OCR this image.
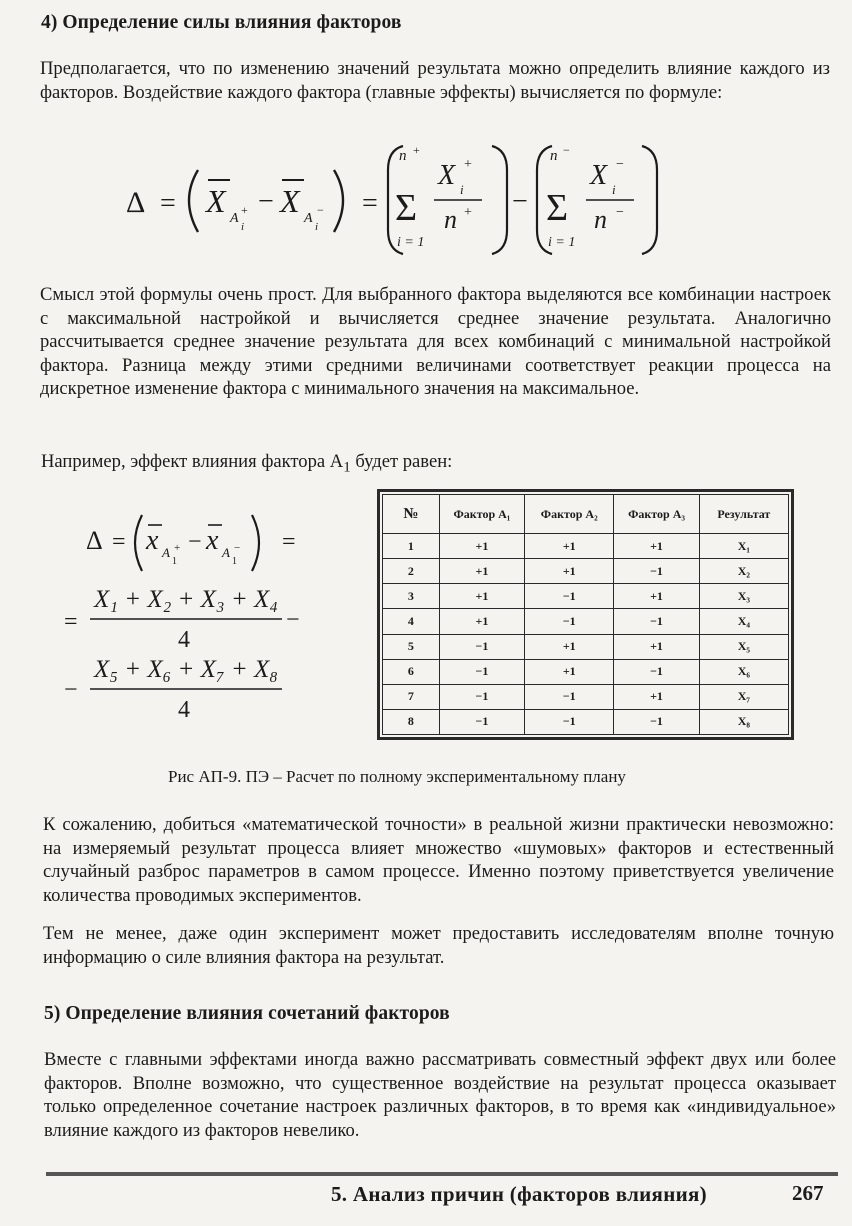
4) Определение силы влияния факторов

Предполагается, что по изменению значений результата можно определить влияние каждого из факторов. Воздействие каждого фактора (главные эффекты) вычисляется по формуле:

Δ = X A
i
+ − X A
i
− =
n +
Σ
i = 1
X i
+
n + −
n −
Σ
i = 1
X i
−
n −

Смысл этой формулы очень прост. Для выбранного фактора выделяются все комбинации настроек с максимальной настройкой и вычисляется среднее значение результата. Аналогично рассчитывается среднее значение результата для всех комбинаций с минимальной настройкой фактора. Разница между этими средними величинами соответствует реакции процесса на дискретное изменение фактора с минимального значения на максимальное.

Например, эффект влияния фактора $A_1$ будет равен:

Δ = x A
1
+ − x A
1
− =
=
X₁ + X₂ + X₃ + X₄
4
−
−
X₅ + X₆ + X₇ + X₈
4
№	Фактор A₁	Фактор A₂	Фактор A₃	Результат
1	+1	+1	+1	X₁
2	+1	+1	−1	X₂
3	+1	−1	+1	X₃
4	+1	−1	−1	X₄
5	−1	+1	+1	X₅
6	−1	+1	−1	X₆
7	−1	−1	+1	X₇
8	−1	−1	−1	X₈

Рис АП-9. ПЭ – Расчет по полному экспериментальному плану

К сожалению, добиться «математической точности» в реальной жизни практически невозможно: на измеряемый результат процесса влияет множество «шумовых» факторов и естественный случайный разброс параметров в самом процессе. Именно поэтому приветствуется увеличение количества проводимых экспериментов.

Тем не менее, даже один эксперимент может предоставить исследователям вполне точную информацию о силе влияния фактора на результат.

5) Определение влияния сочетаний факторов

Вместе с главными эффектами иногда важно рассматривать совместный эффект двух или более факторов. Вполне возможно, что существенное воздействие на результат процесса оказывает только определенное сочетание настроек различных факторов, в то время как «индивидуальное» влияние каждого из факторов невелико.

5. Анализ причин (факторов влияния)	267
